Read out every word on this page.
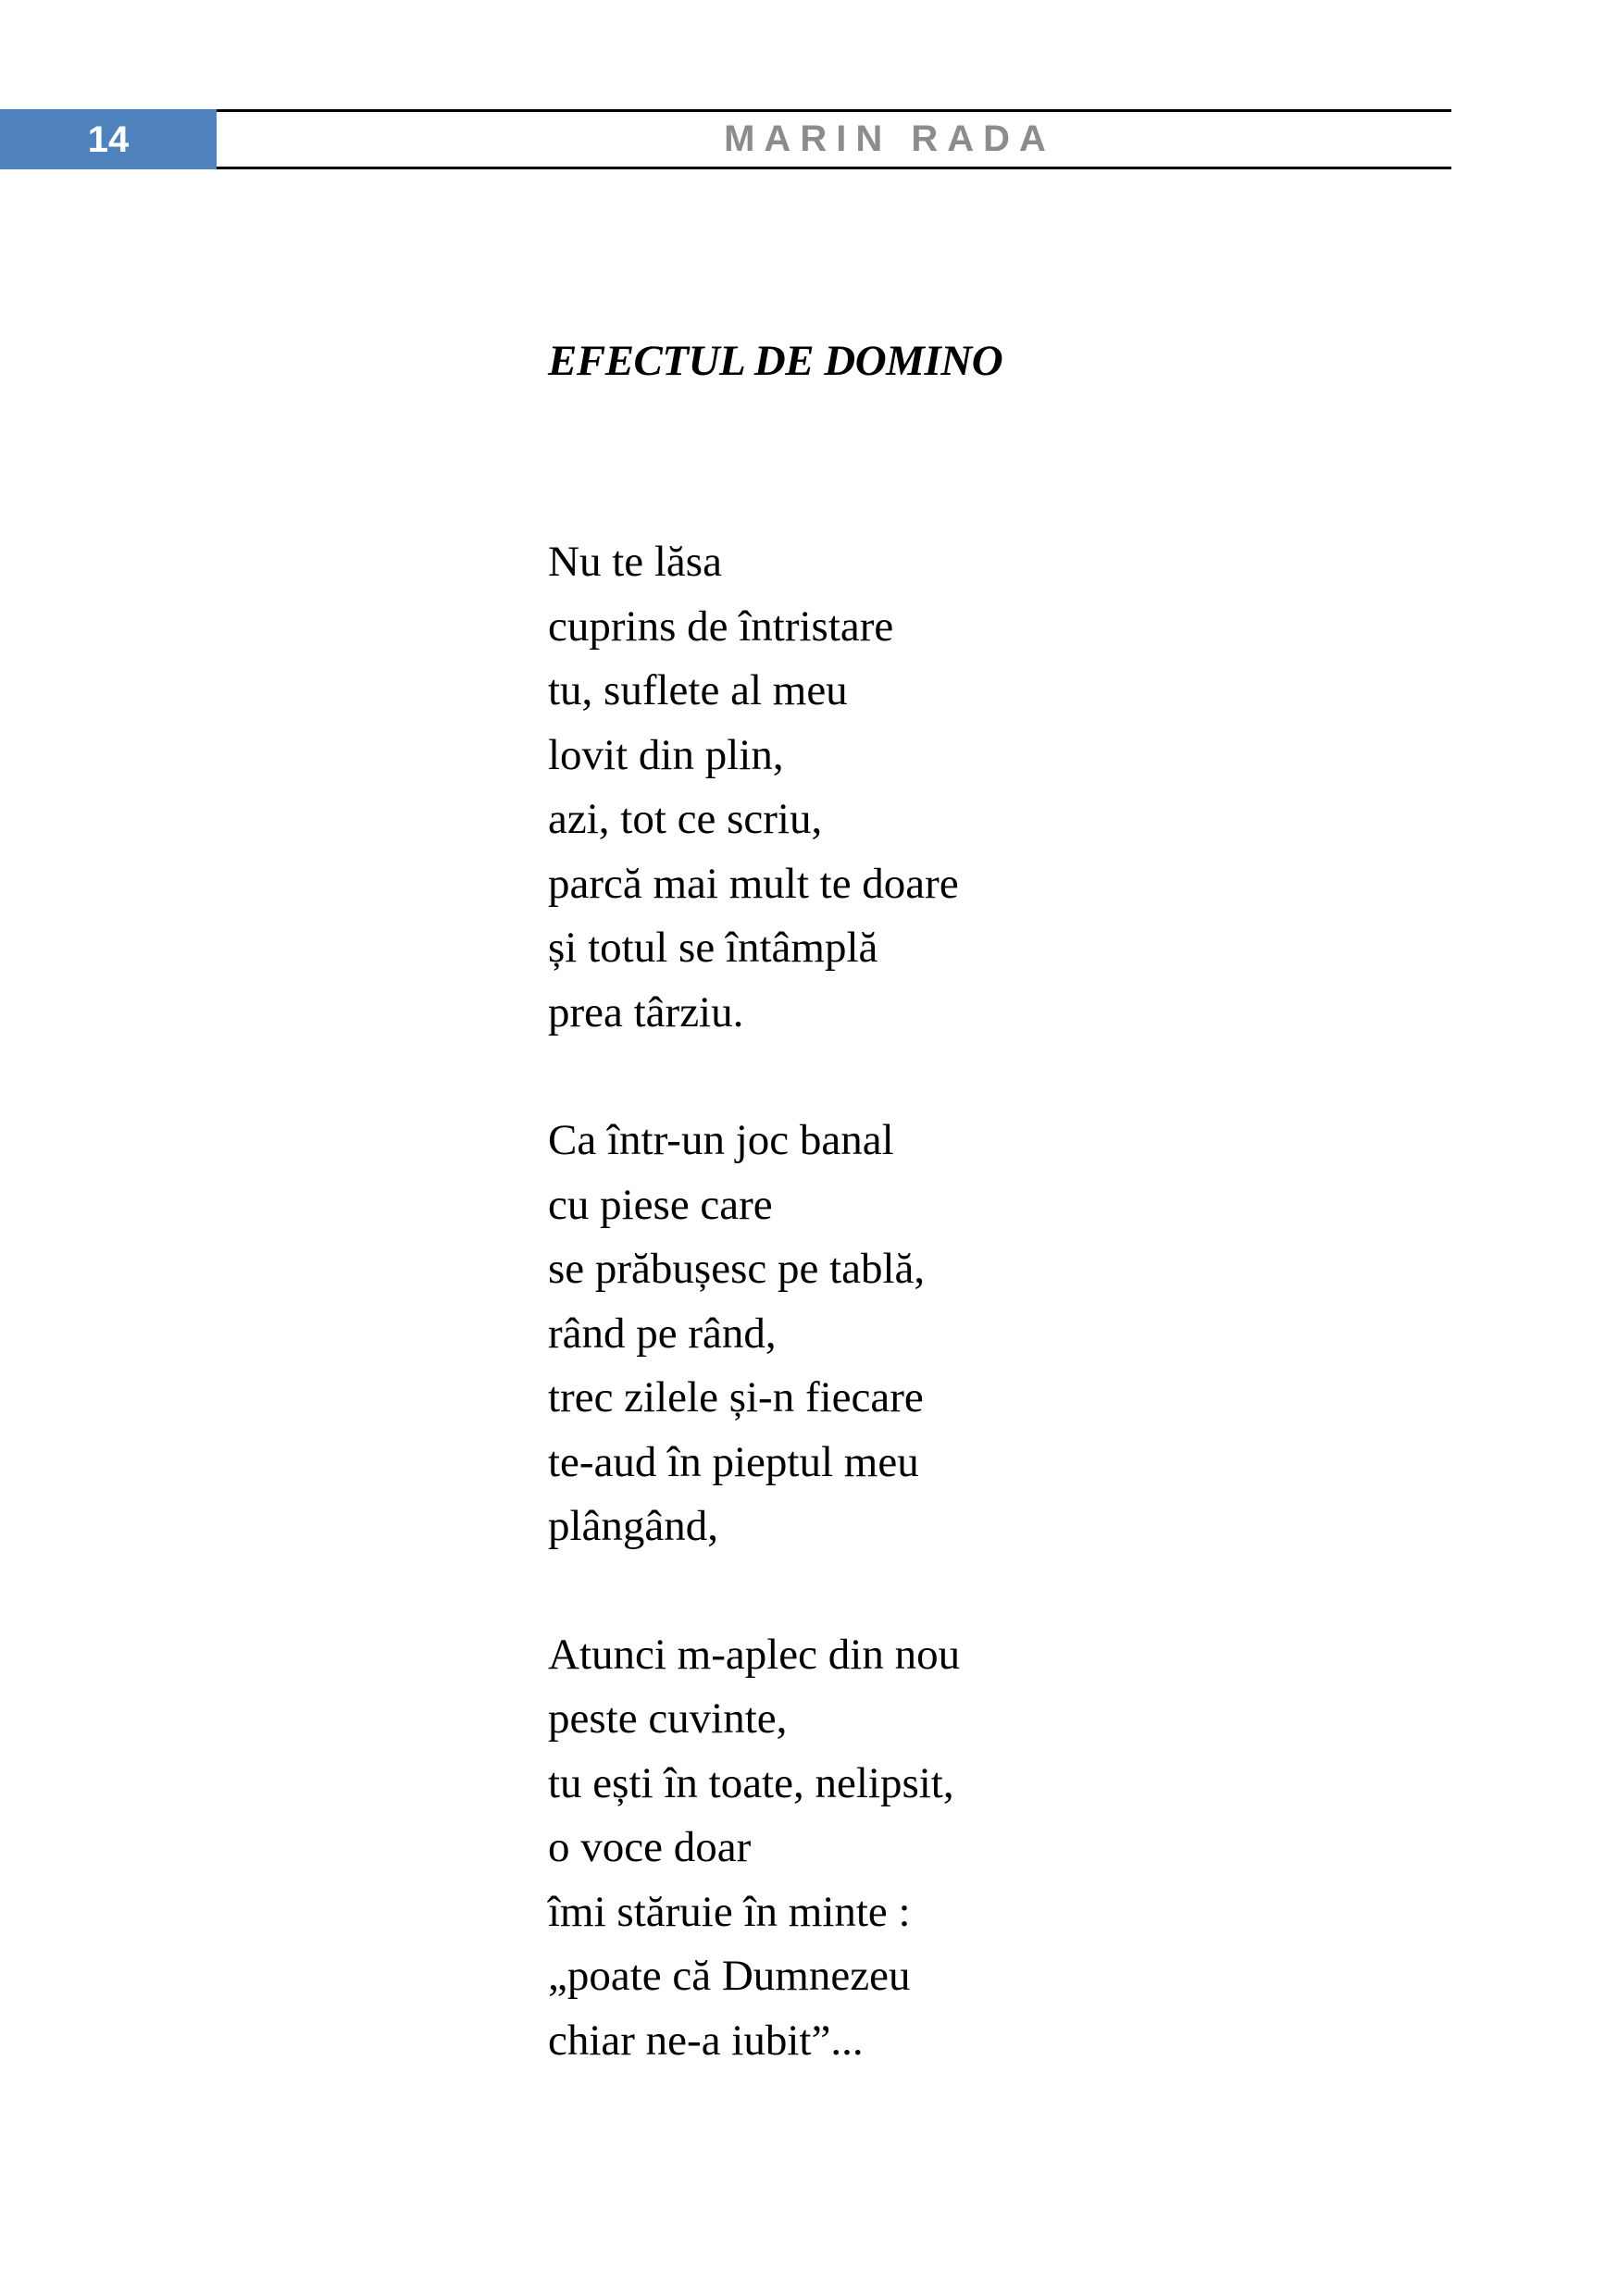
14	MARIN RADA
EFECTUL DE DOMINO
Nu te lăsa
cuprins de întristare
tu, suflete al meu
lovit din plin,
azi, tot ce scriu,
parcă mai mult te doare
și totul se întâmplă
prea târziu.
Ca într-un joc banal
cu piese care
se prăbușesc pe tablă,
rând pe rând,
trec zilele și-n fiecare
te-aud în pieptul meu
plângând,
Atunci m-aplec din nou
peste cuvinte,
tu ești în toate, nelipsit,
o voce doar
îmi stăruie în minte :
„poate că Dumnezeu
chiar ne-a iubit”...
